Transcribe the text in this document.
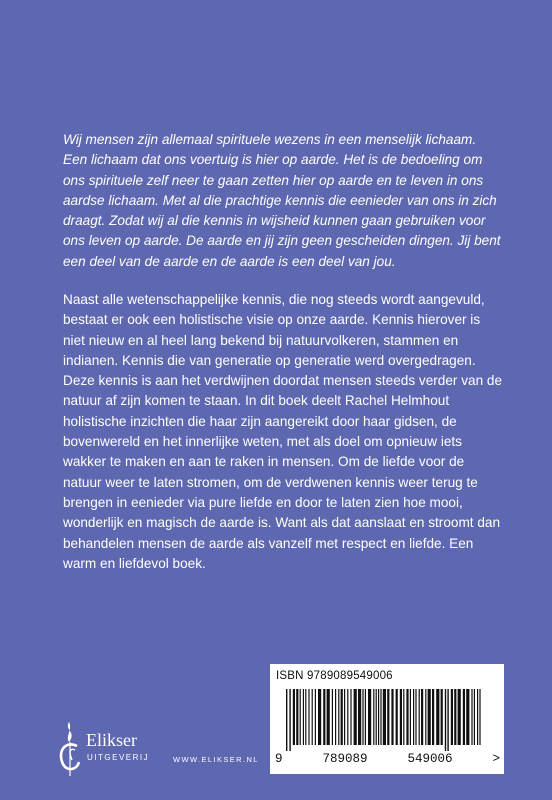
Wij mensen zijn allemaal spirituele wezens in een menselijk lichaam. Een lichaam dat ons voertuig is hier op aarde. Het is de bedoeling om ons spirituele zelf neer te gaan zetten hier op aarde en te leven in ons aardse lichaam. Met al die prachtige kennis die eenieder van ons in zich draagt. Zodat wij al die kennis in wijsheid kunnen gaan gebruiken voor ons leven op aarde. De aarde en jij zijn geen gescheiden dingen. Jij bent een deel van de aarde en de aarde is een deel van jou.

Naast alle wetenschappelijke kennis, die nog steeds wordt aangevuld, bestaat er ook een holistische visie op onze aarde. Kennis hierover is niet nieuw en al heel lang bekend bij natuurvolkeren, stammen en indianen. Kennis die van generatie op generatie werd overgedragen. Deze kennis is aan het verdwijnen doordat mensen steeds verder van de natuur af zijn komen te staan. In dit boek deelt Rachel Helmhout holistische inzichten die haar zijn aangereikt door haar gidsen, de bovenwereld en het innerlijke weten, met als doel om opnieuw iets wakker te maken en aan te raken in mensen. Om de liefde voor de natuur weer te laten stromen, om de verdwenen kennis weer terug te brengen in eenieder via pure liefde en door te laten zien hoe mooi, wonderlijk en magisch de aarde is. Want als dat aanslaat en stroomt dan behandelen mensen de aarde als vanzelf met respect en liefde. Een warm en liefdevol boek.

ISBN 9789089549006
9	789089	549006	>
Elikser
UITGEVERIJ	WWW.ELIKSER.NL
